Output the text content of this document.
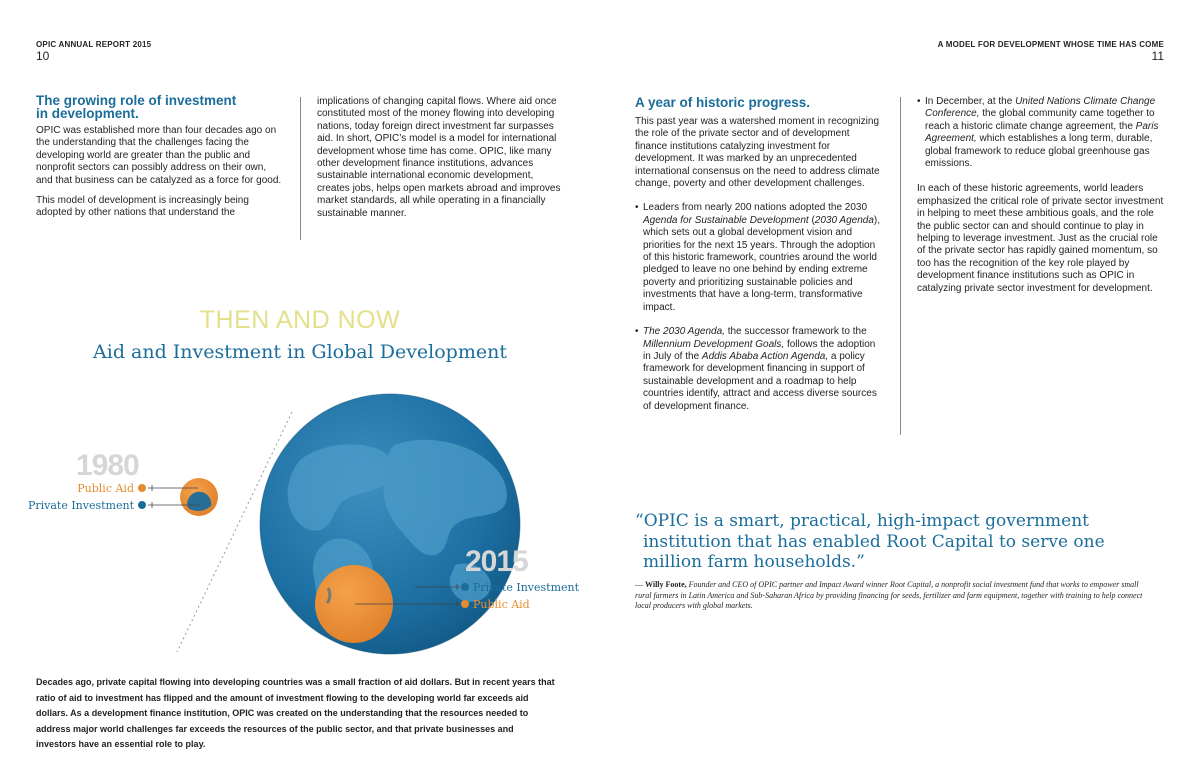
OPIC ANNUAL REPORT 2015
10
A MODEL FOR DEVELOPMENT WHOSE TIME HAS COME
11
The growing role of investment
in development.

OPIC was established more than four decades ago on the understanding that the challenges facing the developing world are greater than the public and nonprofit sectors can possibly address on their own, and that business can be catalyzed as a force for good.

This model of development is increasingly being adopted by other nations that understand the

implications of changing capital flows. Where aid once constituted most of the money flowing into developing nations, today foreign direct investment far surpasses aid. In short, OPIC’s model is a model for international development whose time has come. OPIC, like many other development finance institutions, advances sustainable international economic development, creates jobs, helps open markets abroad and improves market standards, all while operating in a financially sustainable manner.

THEN AND NOW
Aid and Investment in Global Development
1980
Public Aid
Private Investment
2015
Private Investment
Public Aid
Decades ago, private capital flowing into developing countries was a small fraction of aid dollars. But in recent years that ratio of aid to investment has flipped and the amount of investment flowing to the developing world far exceeds aid dollars. As a development finance institution, OPIC was created on the understanding that the resources needed to address major world challenges far exceeds the resources of the public sector, and that private businesses and investors have an essential role to play.
A year of historic progress.

This past year was a watershed moment in recognizing the role of the private sector and of development finance institutions catalyzing investment for development. It was marked by an unprecedented international consensus on the need to address climate change, poverty and other development challenges.

• Leaders from nearly 200 nations adopted the 2030 Agenda for Sustainable Development (2030 Agenda), which sets out a global development vision and priorities for the next 15 years. Through the adoption of this historic framework, countries around the world pledged to leave no one behind by ending extreme poverty and prioritizing sustainable policies and investments that have a long-term, transformative impact.
• The 2030 Agenda, the successor framework to the Millennium Development Goals, follows the adoption in July of the Addis Ababa Action Agenda, a policy framework for development financing in support of sustainable development and a roadmap to help countries identify, attract and access diverse sources of development finance.
• In December, at the United Nations Climate Change Conference, the global community came together to reach a historic climate change agreement, the Paris Agreement, which establishes a long term, durable, global framework to reduce global greenhouse gas emissions.

In each of these historic agreements, world leaders emphasized the critical role of private sector investment in helping to meet these ambitious goals, and the role the public sector can and should continue to play in helping to leverage investment. Just as the crucial role of the private sector has rapidly gained momentum, so too has the recognition of the key role played by development finance institutions such as OPIC in catalyzing private sector investment for development.

“OPIC is a smart, practical, high-impact government
institution that has enabled Root Capital to serve one
million farm households.”
— Willy Foote, Founder and CEO of OPIC partner and Impact Award winner Root Capital, a nonprofit social investment fund that works to empower small rural farmers in Latin America and Sub-Saharan Africa by providing financing for seeds, fertilizer and farm equipment, together with training to help connect local producers with global markets.
